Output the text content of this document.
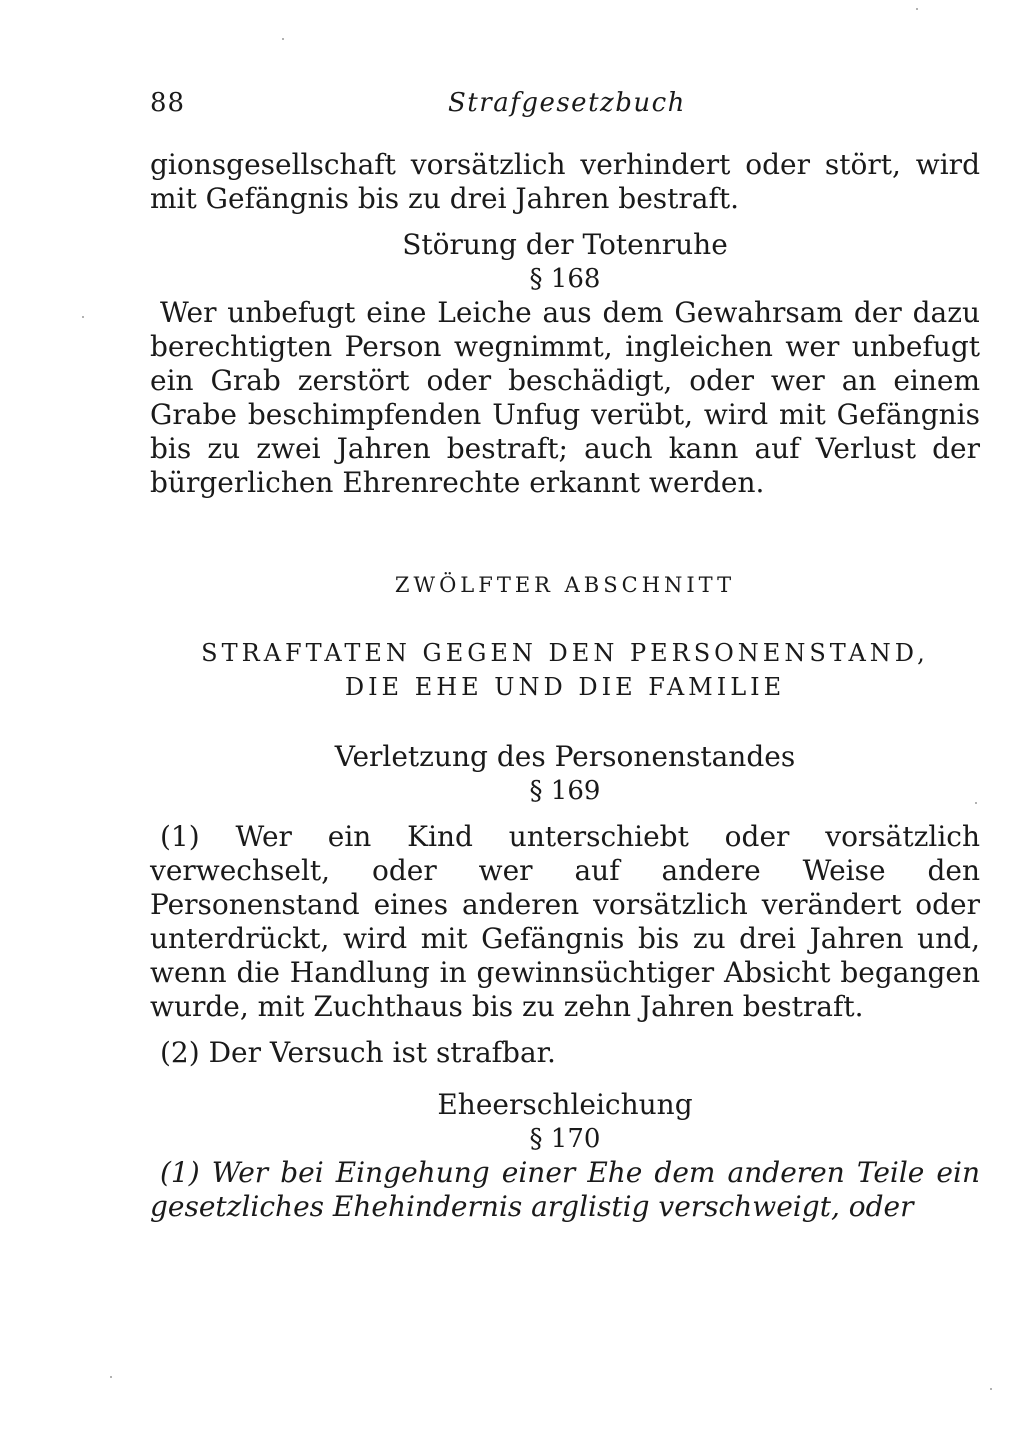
88	Strafgesetzbuch

gionsgesellschaft vorsätzlich verhindert oder stört, wird mit Gefängnis bis zu drei Jahren bestraft.

Störung der Totenruhe

§ 168

Wer unbefugt eine Leiche aus dem Gewahrsam der dazu berechtigten Person wegnimmt, ingleichen wer unbefugt ein Grab zerstört oder beschädigt, oder wer an einem Grabe beschimpfenden Unfug verübt, wird mit Gefängnis bis zu zwei Jahren bestraft; auch kann auf Verlust der bürgerlichen Ehrenrechte erkannt werden.

ZWÖLFTER ABSCHNITT

STRAFTATEN GEGEN DEN PERSONENSTAND,

DIE EHE UND DIE FAMILIE

Verletzung des Personenstandes

§ 169

(1) Wer ein Kind unterschiebt oder vorsätzlich verwechselt, oder wer auf andere Weise den Personenstand eines anderen vorsätzlich verändert oder unterdrückt, wird mit Gefängnis bis zu drei Jahren und, wenn die Handlung in gewinnsüchtiger Absicht begangen wurde, mit Zuchthaus bis zu zehn Jahren bestraft.

(2) Der Versuch ist strafbar.

Eheerschleichung

§ 170

(1) Wer bei Eingehung einer Ehe dem anderen Teile ein gesetzliches Ehehindernis arglistig verschweigt, oder
